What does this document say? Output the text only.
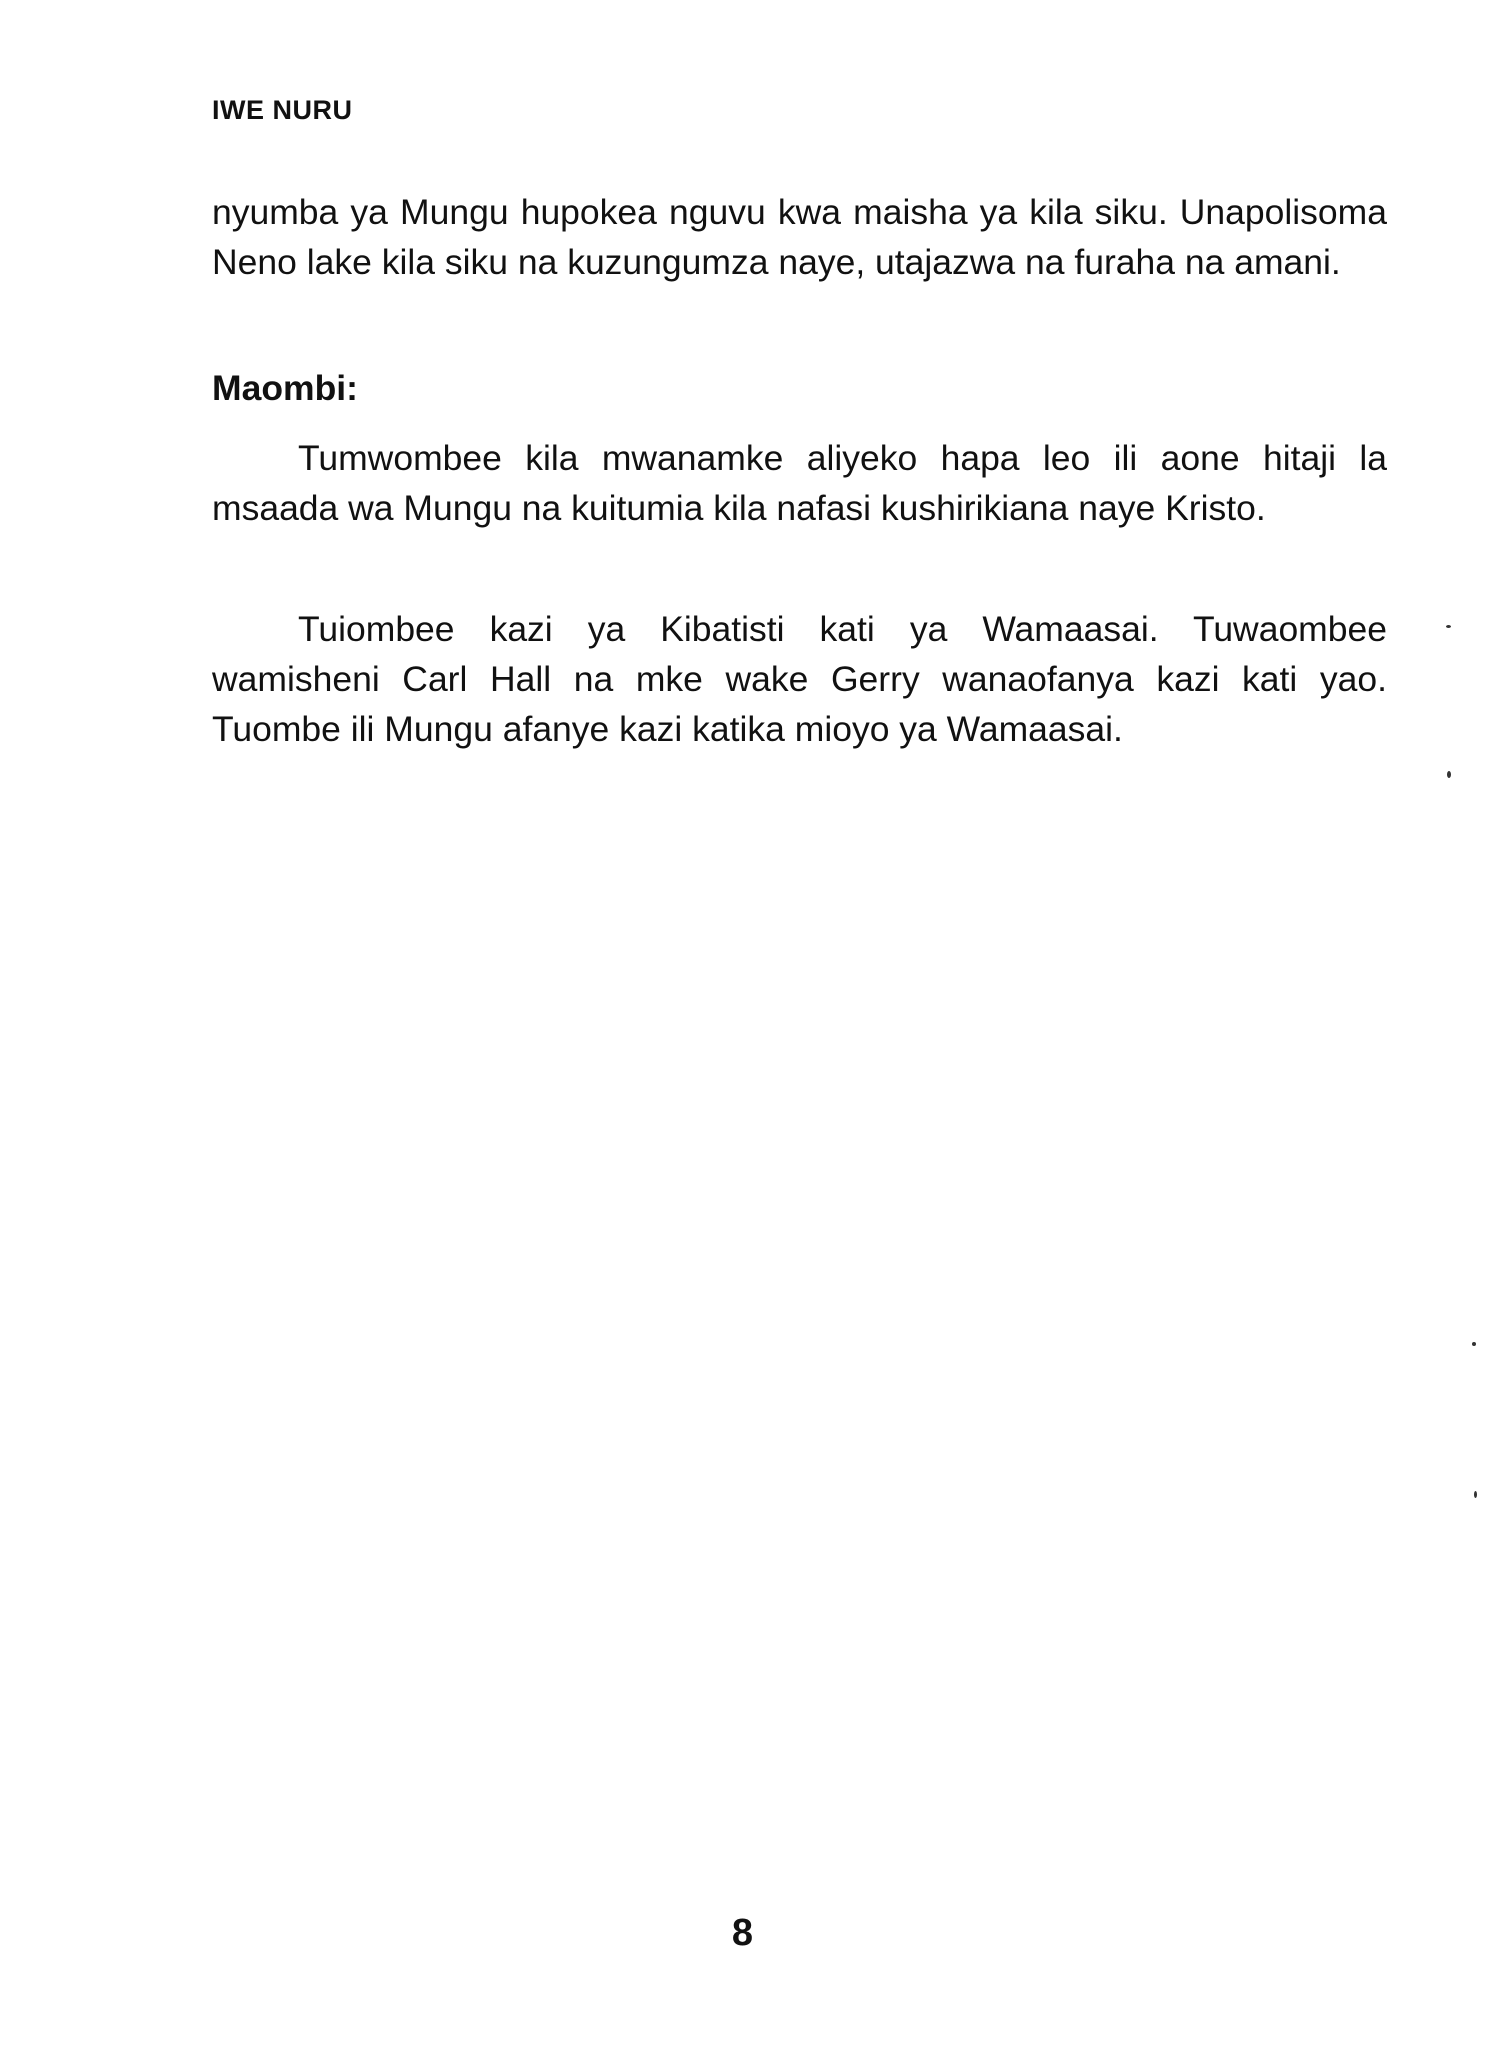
IWE NURU

nyumba ya Mungu hupokea nguvu kwa maisha ya kila siku. Unapolisoma Neno lake kila siku na kuzungumza naye, utajazwa na furaha na amani.

Maombi:

Tumwombee kila mwanamke aliyeko hapa leo ili aone hitaji la msaada wa Mungu na kuitumia kila nafasi kushirikiana naye Kristo.

Tuiombee kazi ya Kibatisti kati ya Wamaasai. Tuwaombee wamisheni Carl Hall na mke wake Gerry wanaofanya kazi kati yao. Tuombe ili Mungu afanye kazi katika mioyo ya Wamaasai.

8
